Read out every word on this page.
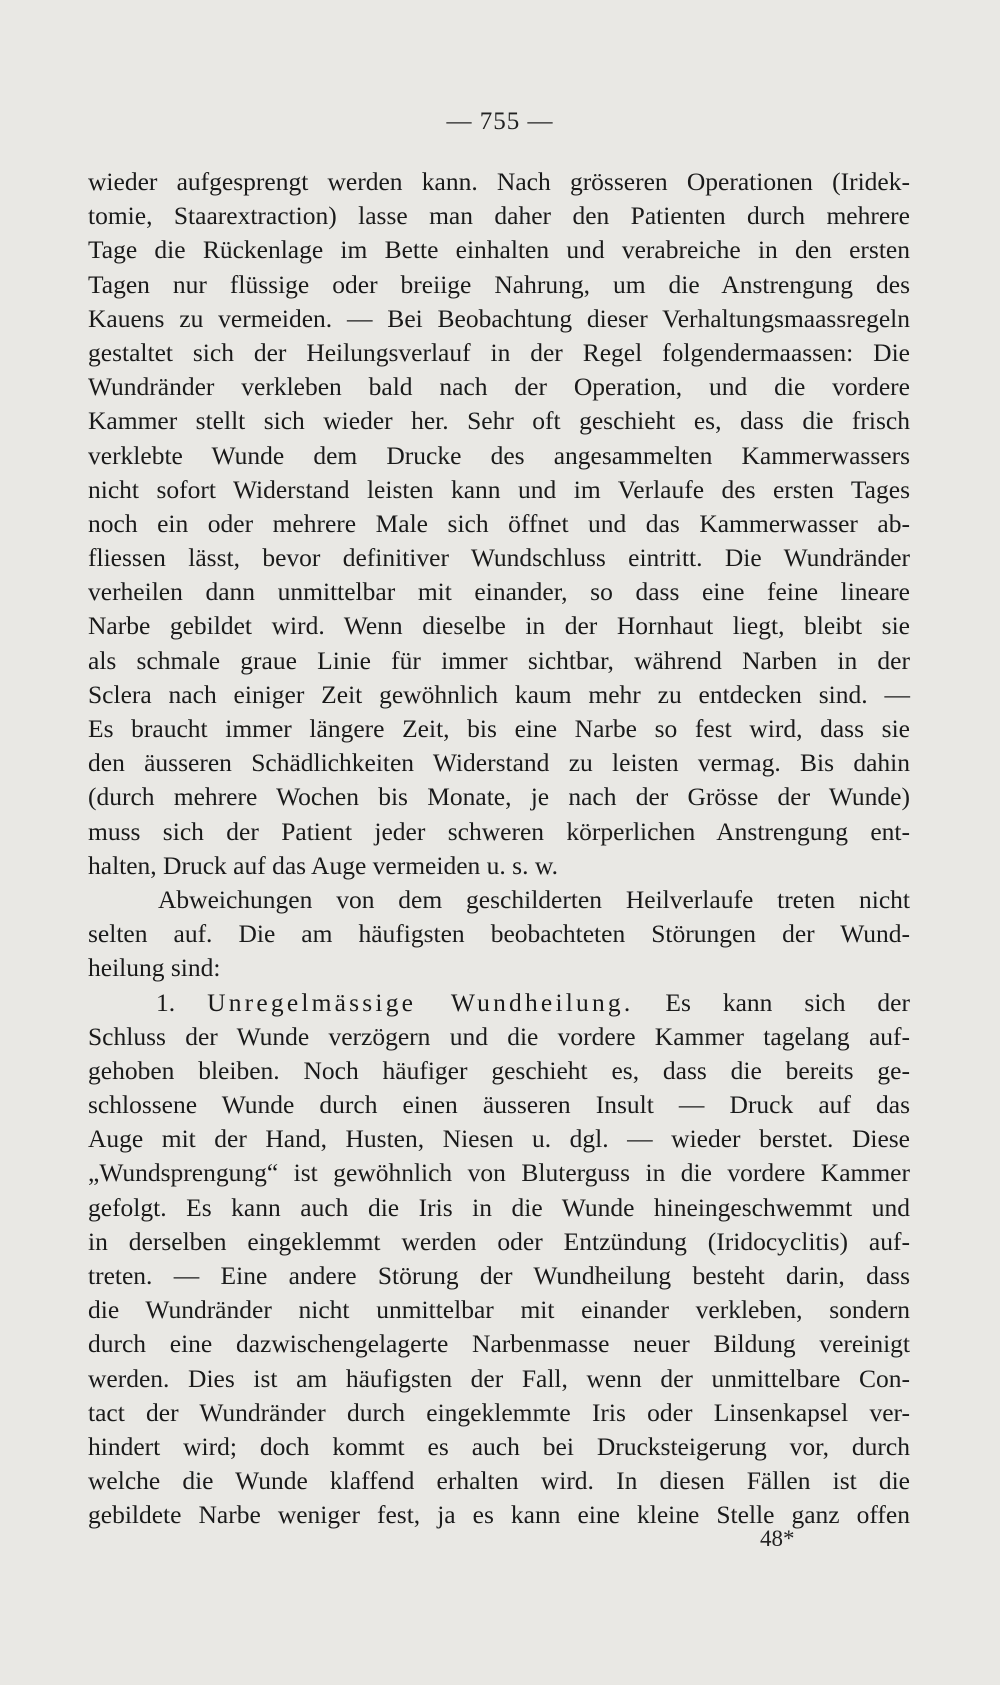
— 755 —
wieder aufgesprengt werden kann. Nach grösseren Operationen (Iridek-
tomie, Staarextraction) lasse man daher den Patienten durch mehrere
Tage die Rückenlage im Bette einhalten und verabreiche in den ersten
Tagen nur flüssige oder breiige Nahrung, um die Anstrengung des
Kauens zu vermeiden. — Bei Beobachtung dieser Verhaltungsmaassregeln
gestaltet sich der Heilungsverlauf in der Regel folgendermaassen: Die
Wundränder verkleben bald nach der Operation, und die vordere
Kammer stellt sich wieder her. Sehr oft geschieht es, dass die frisch
verklebte Wunde dem Drucke des angesammelten Kammerwassers
nicht sofort Widerstand leisten kann und im Verlaufe des ersten Tages
noch ein oder mehrere Male sich öffnet und das Kammerwasser ab-
fliessen lässt, bevor definitiver Wundschluss eintritt. Die Wundränder
verheilen dann unmittelbar mit einander, so dass eine feine lineare
Narbe gebildet wird. Wenn dieselbe in der Hornhaut liegt, bleibt sie
als schmale graue Linie für immer sichtbar, während Narben in der
Sclera nach einiger Zeit gewöhnlich kaum mehr zu entdecken sind. —
Es braucht immer längere Zeit, bis eine Narbe so fest wird, dass sie
den äusseren Schädlichkeiten Widerstand zu leisten vermag. Bis dahin
(durch mehrere Wochen bis Monate, je nach der Grösse der Wunde)
muss sich der Patient jeder schweren körperlichen Anstrengung ent-
halten, Druck auf das Auge vermeiden u. s. w.
Abweichungen von dem geschilderten Heilverlaufe treten nicht
selten auf. Die am häufigsten beobachteten Störungen der Wund-
heilung sind:
1. Unregelmässige Wundheilung. Es kann sich der
Schluss der Wunde verzögern und die vordere Kammer tagelang auf-
gehoben bleiben. Noch häufiger geschieht es, dass die bereits ge-
schlossene Wunde durch einen äusseren Insult — Druck auf das
Auge mit der Hand, Husten, Niesen u. dgl. — wieder berstet. Diese
„Wundsprengung“ ist gewöhnlich von Bluterguss in die vordere Kammer
gefolgt. Es kann auch die Iris in die Wunde hineingeschwemmt und
in derselben eingeklemmt werden oder Entzündung (Iridocyclitis) auf-
treten. — Eine andere Störung der Wundheilung besteht darin, dass
die Wundränder nicht unmittelbar mit einander verkleben, sondern
durch eine dazwischengelagerte Narbenmasse neuer Bildung vereinigt
werden. Dies ist am häufigsten der Fall, wenn der unmittelbare Con-
tact der Wundränder durch eingeklemmte Iris oder Linsenkapsel ver-
hindert wird; doch kommt es auch bei Drucksteigerung vor, durch
welche die Wunde klaffend erhalten wird. In diesen Fällen ist die
gebildete Narbe weniger fest, ja es kann eine kleine Stelle ganz offen
48*
